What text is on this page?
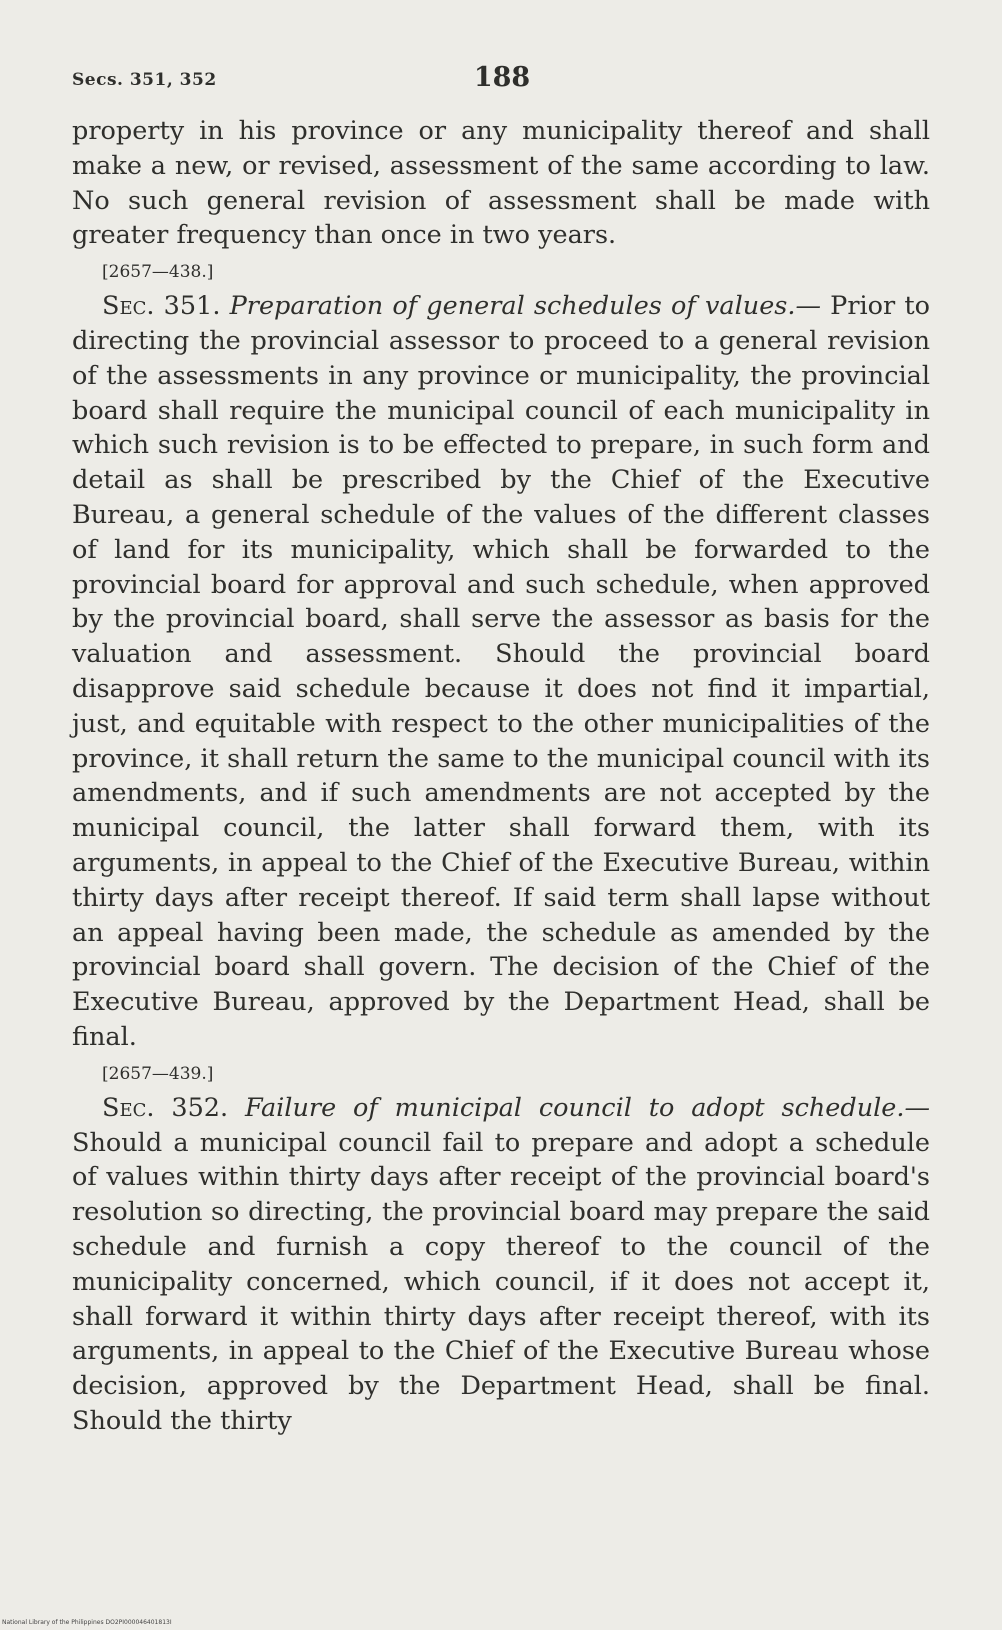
Secs. 351, 352	188

property in his province or any municipality thereof and shall make a new, or revised, assessment of the same according to law. No such general revision of assessment shall be made with greater frequency than once in two years.

[2657—438.]

Sec. 351. Preparation of general schedules of values.— Prior to directing the provincial assessor to proceed to a general revision of the assessments in any province or municipality, the provincial board shall require the municipal council of each municipality in which such revision is to be effected to prepare, in such form and detail as shall be prescribed by the Chief of the Executive Bureau, a general schedule of the values of the different classes of land for its municipality, which shall be forwarded to the provincial board for approval and such schedule, when approved by the provincial board, shall serve the assessor as basis for the valuation and assessment. Should the provincial board disapprove said schedule because it does not find it impartial, just, and equitable with respect to the other municipalities of the province, it shall return the same to the municipal council with its amendments, and if such amendments are not accepted by the municipal council, the latter shall forward them, with its arguments, in appeal to the Chief of the Executive Bureau, within thirty days after receipt thereof. If said term shall lapse without an appeal having been made, the schedule as amended by the provincial board shall govern. The decision of the Chief of the Executive Bureau, approved by the Department Head, shall be final.

[2657—439.]

Sec. 352. Failure of municipal council to adopt schedule.— Should a municipal council fail to prepare and adopt a schedule of values within thirty days after receipt of the provincial board's resolution so directing, the provincial board may prepare the said schedule and furnish a copy thereof to the council of the municipality concerned, which council, if it does not accept it, shall forward it within thirty days after receipt thereof, with its arguments, in appeal to the Chief of the Executive Bureau whose decision, approved by the Department Head, shall be final. Should the thirty

National Library of the Philippines DO2PI000046401813I
